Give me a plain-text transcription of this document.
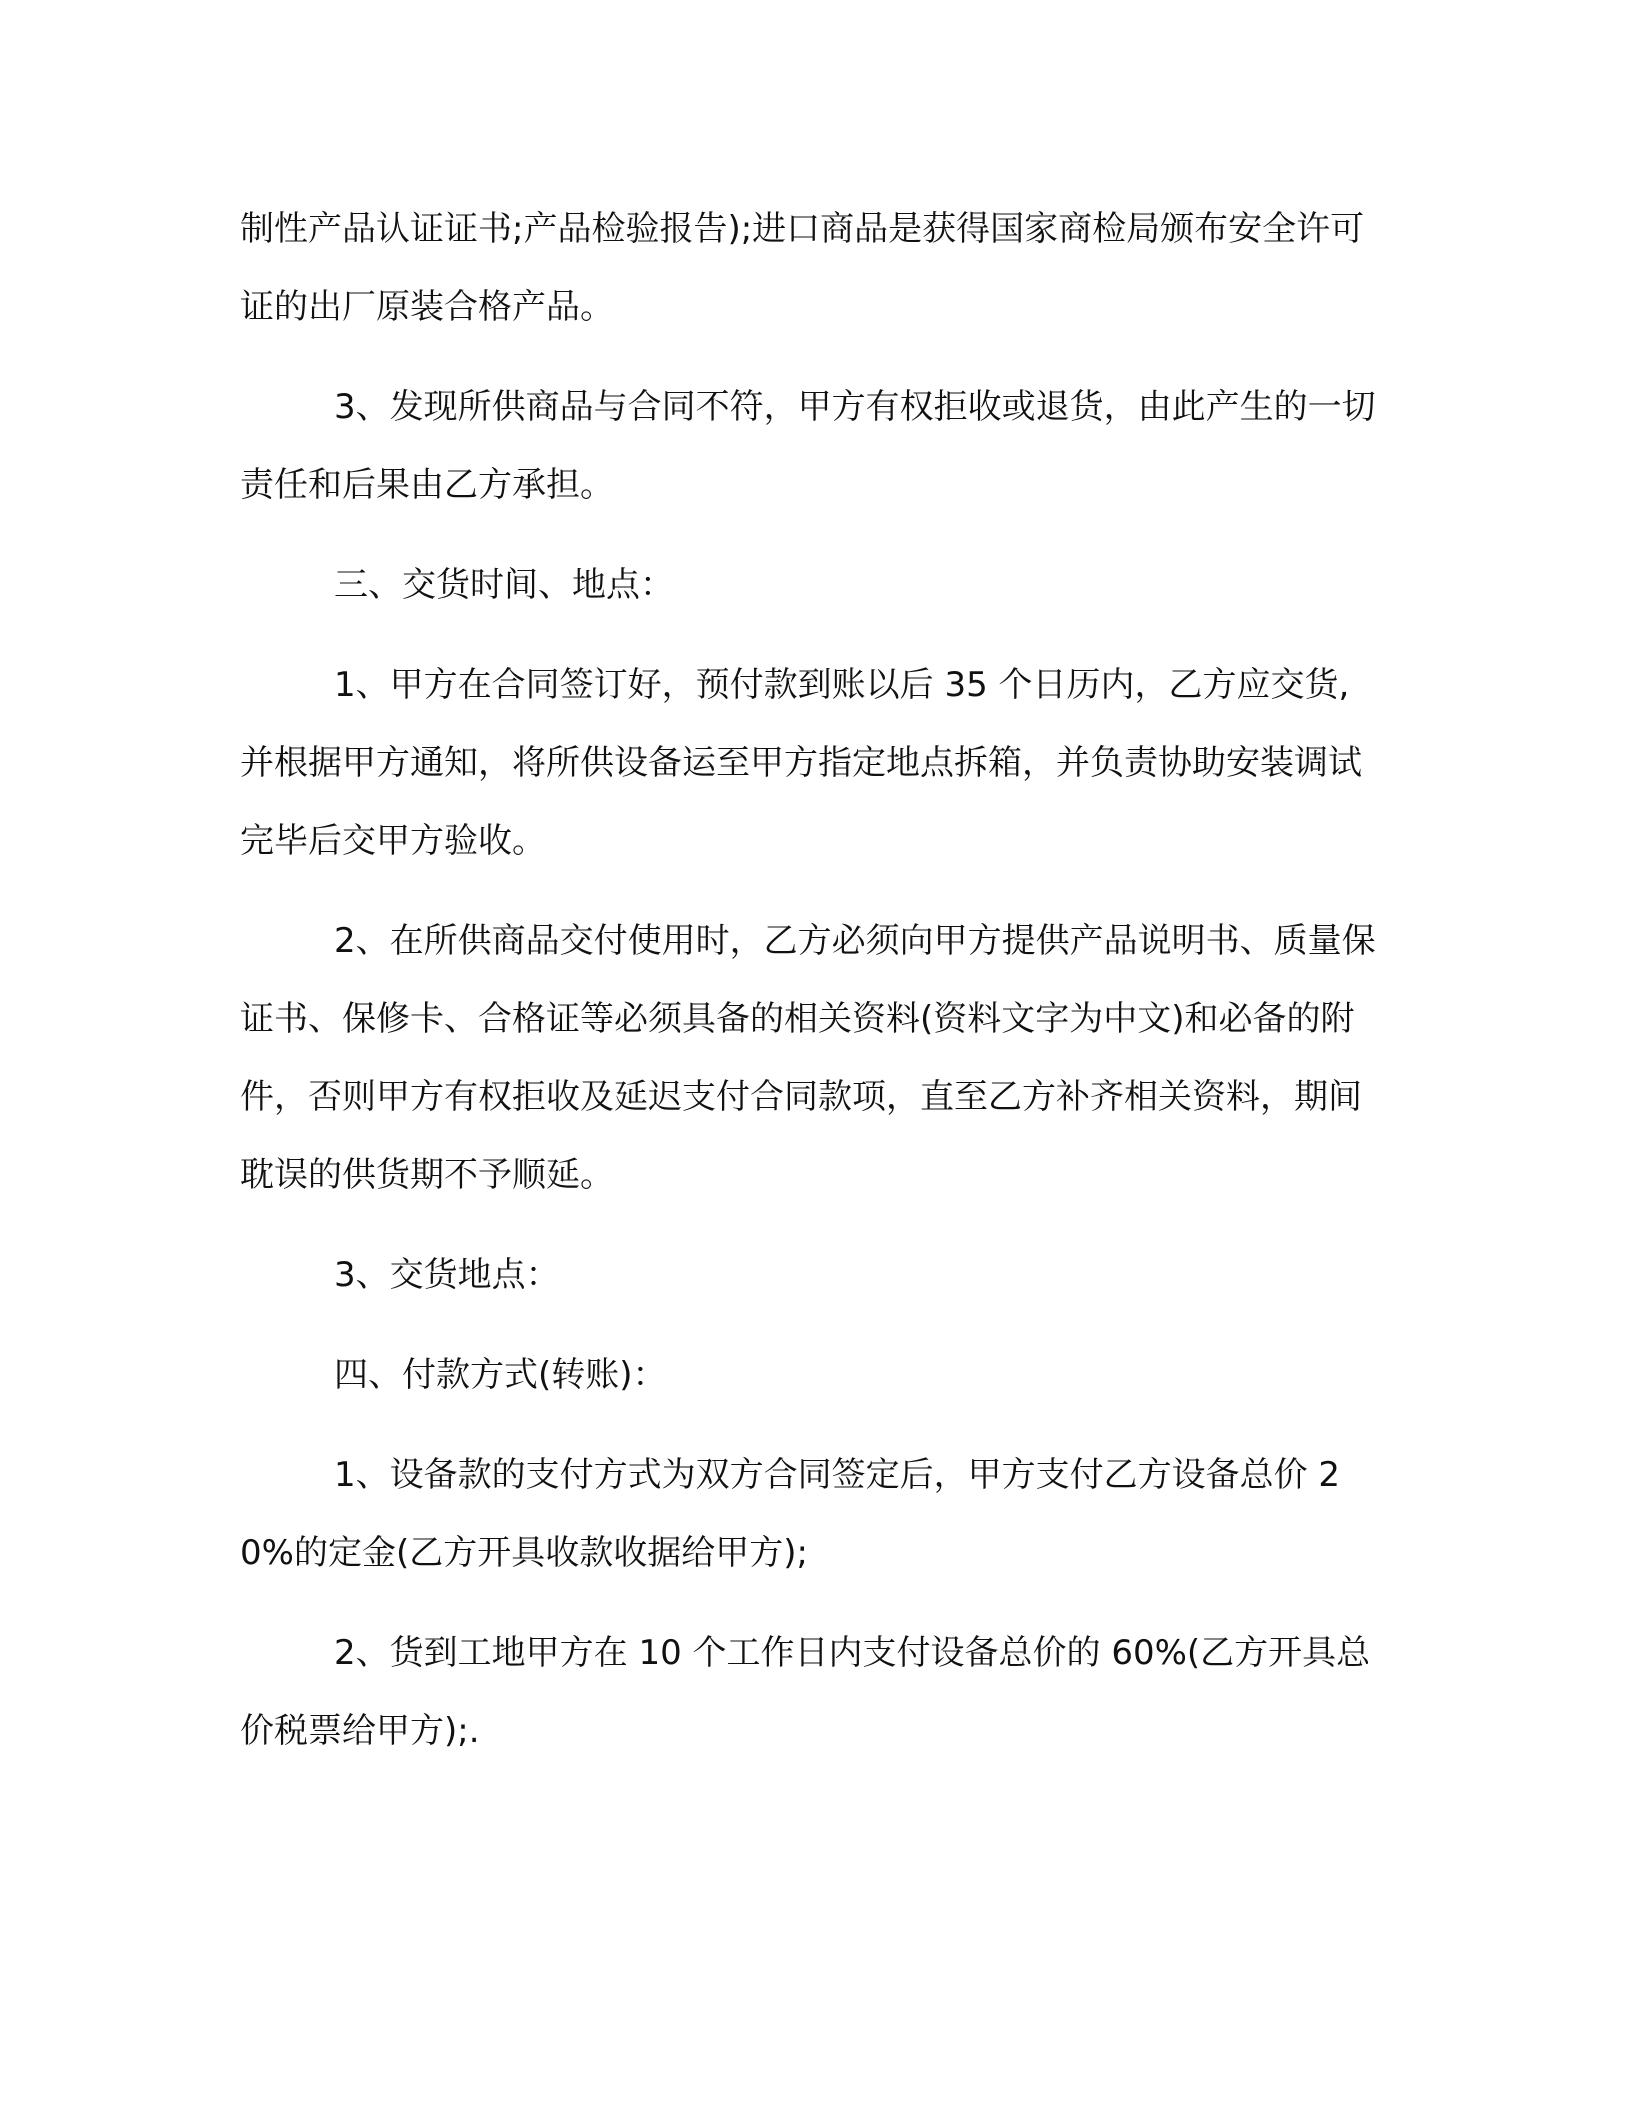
制性产品认证证书;产品检验报告);进口商品是获得国家商检局颁布安全许可证的出厂原装合格产品。

3、发现所供商品与合同不符，甲方有权拒收或退货，由此产生的一切责任和后果由乙方承担。

三、交货时间、地点：

1、甲方在合同签订好，预付款到账以后 35 个日历内，乙方应交货,并根据甲方通知，将所供设备运至甲方指定地点拆箱，并负责协助安装调试完毕后交甲方验收。

2、在所供商品交付使用时，乙方必须向甲方提供产品说明书、质量保证书、保修卡、合格证等必须具备的相关资料(资料文字为中文)和必备的附件，否则甲方有权拒收及延迟支付合同款项，直至乙方补齐相关资料，期间耽误的供货期不予顺延。

3、交货地点：

四、付款方式(转账)：

1、设备款的支付方式为双方合同签定后，甲方支付乙方设备总价 20%的定金(乙方开具收款收据给甲方);

2、货到工地甲方在 10 个工作日内支付设备总价的 60%(乙方开具总价税票给甲方);.
